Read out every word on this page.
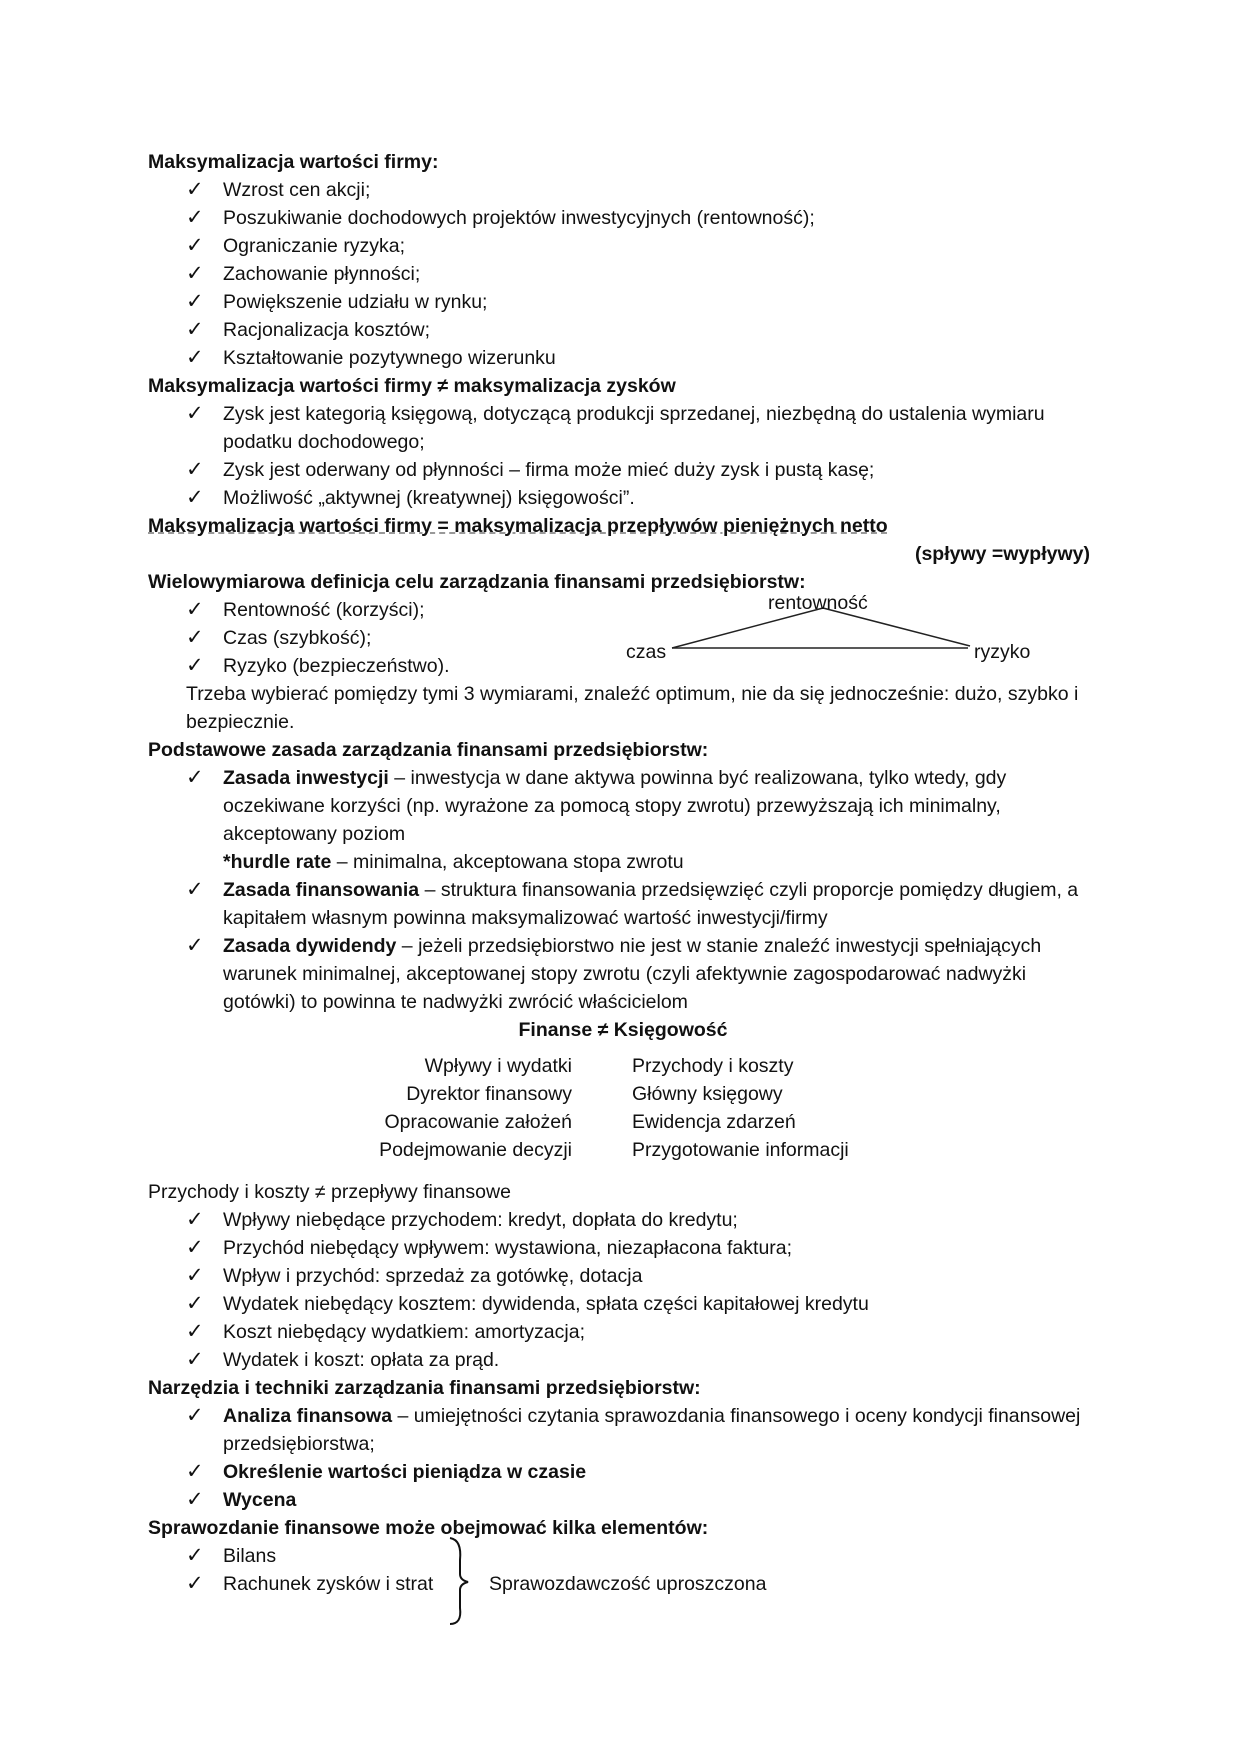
Maksymalizacja wartości firmy:
✓ Wzrost cen akcji;
✓ Poszukiwanie dochodowych projektów inwestycyjnych (rentowność);
✓ Ograniczanie ryzyka;
✓ Zachowanie płynności;
✓ Powiększenie udziału w rynku;
✓ Racjonalizacja kosztów;
✓ Kształtowanie pozytywnego wizerunku
Maksymalizacja wartości firmy ≠ maksymalizacja zysków
✓ Zysk jest kategorią księgową, dotyczącą produkcji sprzedanej, niezbędną do ustalenia wymiaru podatku dochodowego;
✓ Zysk jest oderwany od płynności – firma może mieć duży zysk i pustą kasę;
✓ Możliwość „aktywnej (kreatywnej) księgowości”.
Maksymalizacja wartości firmy = maksymalizacja przepływów pieniężnych netto
(spływy =wypływy)
Wielowymiarowa definicja celu zarządzania finansami przedsiębiorstw:
✓ Rentowność (korzyści);
✓ Czas (szybkość);
✓ Ryzyko (bezpieczeństwo).
Trzeba wybierać pomiędzy tymi 3 wymiarami, znaleźć optimum, nie da się jednocześnie: dużo, szybko i bezpiecznie.
Podstawowe zasada zarządzania finansami przedsiębiorstw:
✓ Zasada inwestycji – inwestycja w dane aktywa powinna być realizowana, tylko wtedy, gdy oczekiwane korzyści (np. wyrażone za pomocą stopy zwrotu) przewyższają ich minimalny, akceptowany poziom
*hurdle rate – minimalna, akceptowana stopa zwrotu
✓ Zasada finansowania – struktura finansowania przedsięwzięć czyli proporcje pomiędzy długiem, a kapitałem własnym powinna maksymalizować wartość inwestycji/firmy
✓ Zasada dywidendy – jeżeli przedsiębiorstwo nie jest w stanie znaleźć inwestycji spełniających warunek minimalnej, akceptowanej stopy zwrotu (czyli afektywnie zagospodarować nadwyżki gotówki) to powinna te nadwyżki zwrócić właścicielom
Finanse ≠ Księgowość
Wpływy i wydatki	Przychody i koszty
Dyrektor finansowy	Główny księgowy
Opracowanie założeń	Ewidencja zdarzeń
Podejmowanie decyzji	Przygotowanie informacji
Przychody i koszty ≠ przepływy finansowe
✓ Wpływy niebędące przychodem: kredyt, dopłata do kredytu;
✓ Przychód niebędący wpływem: wystawiona, niezapłacona faktura;
✓ Wpływ i przychód: sprzedaż za gotówkę, dotacja
✓ Wydatek niebędący kosztem: dywidenda, spłata części kapitałowej kredytu
✓ Koszt niebędący wydatkiem: amortyzacja;
✓ Wydatek i koszt: opłata za prąd.
Narzędzia i techniki zarządzania finansami przedsiębiorstw:
✓ Analiza finansowa – umiejętności czytania sprawozdania finansowego i oceny kondycji finansowej przedsiębiorstwa;
✓ Określenie wartości pieniądza w czasie
✓ Wycena
Sprawozdanie finansowe może obejmować kilka elementów:
✓ Bilans
✓ Rachunek zysków i strat	Sprawozdawczość uproszczona
rentowność
czas	ryzyko
